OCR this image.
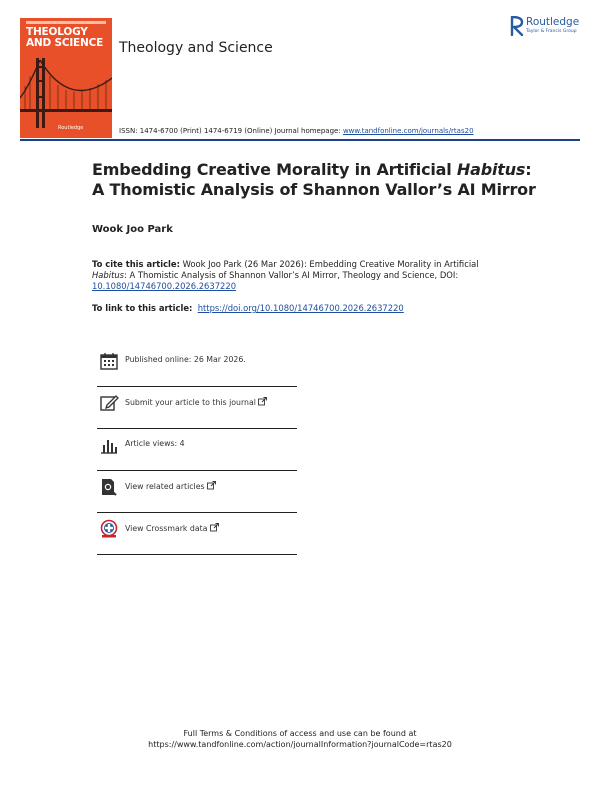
THEOLOGY
AND SCIENCE
Routledge
Theology and Science
Routledge
Taylor & Francis Group
ISSN: 1474-6700 (Print) 1474-6719 (Online) Journal homepage: www.tandfonline.com/journals/rtas20
Embedding Creative Morality in Artificial Habitus:
A Thomistic Analysis of Shannon Vallor’s AI Mirror
Wook Joo Park
To cite this article: Wook Joo Park (26 Mar 2026): Embedding Creative Morality in Artificial Habitus: A Thomistic Analysis of Shannon Vallor’s AI Mirror, Theology and Science, DOI:
10.1080/14746700.2026.2637220
To link to this article: https://doi.org/10.1080/14746700.2026.2637220
Published online: 26 Mar 2026.
Submit your article to this journal
Article views: 4
View related articles
View Crossmark data
Full Terms & Conditions of access and use can be found at
https://www.tandfonline.com/action/journalInformation?journalCode=rtas20
